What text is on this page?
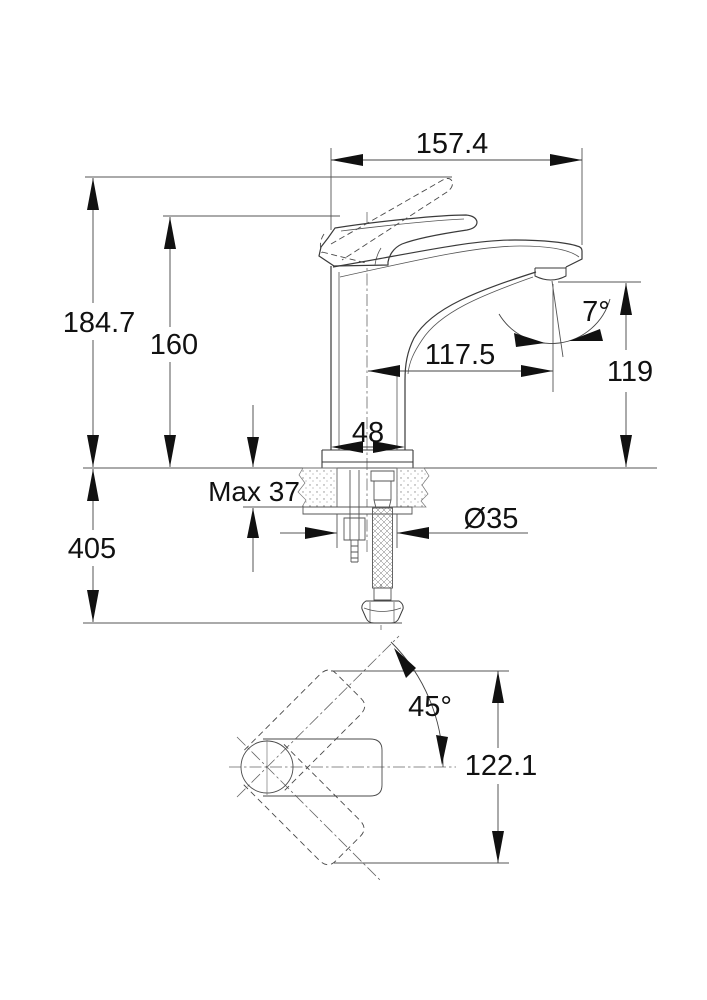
157.4
184.7
160	117.5
119
7°
48
Max 37
405
Ø35
45°
122.1
